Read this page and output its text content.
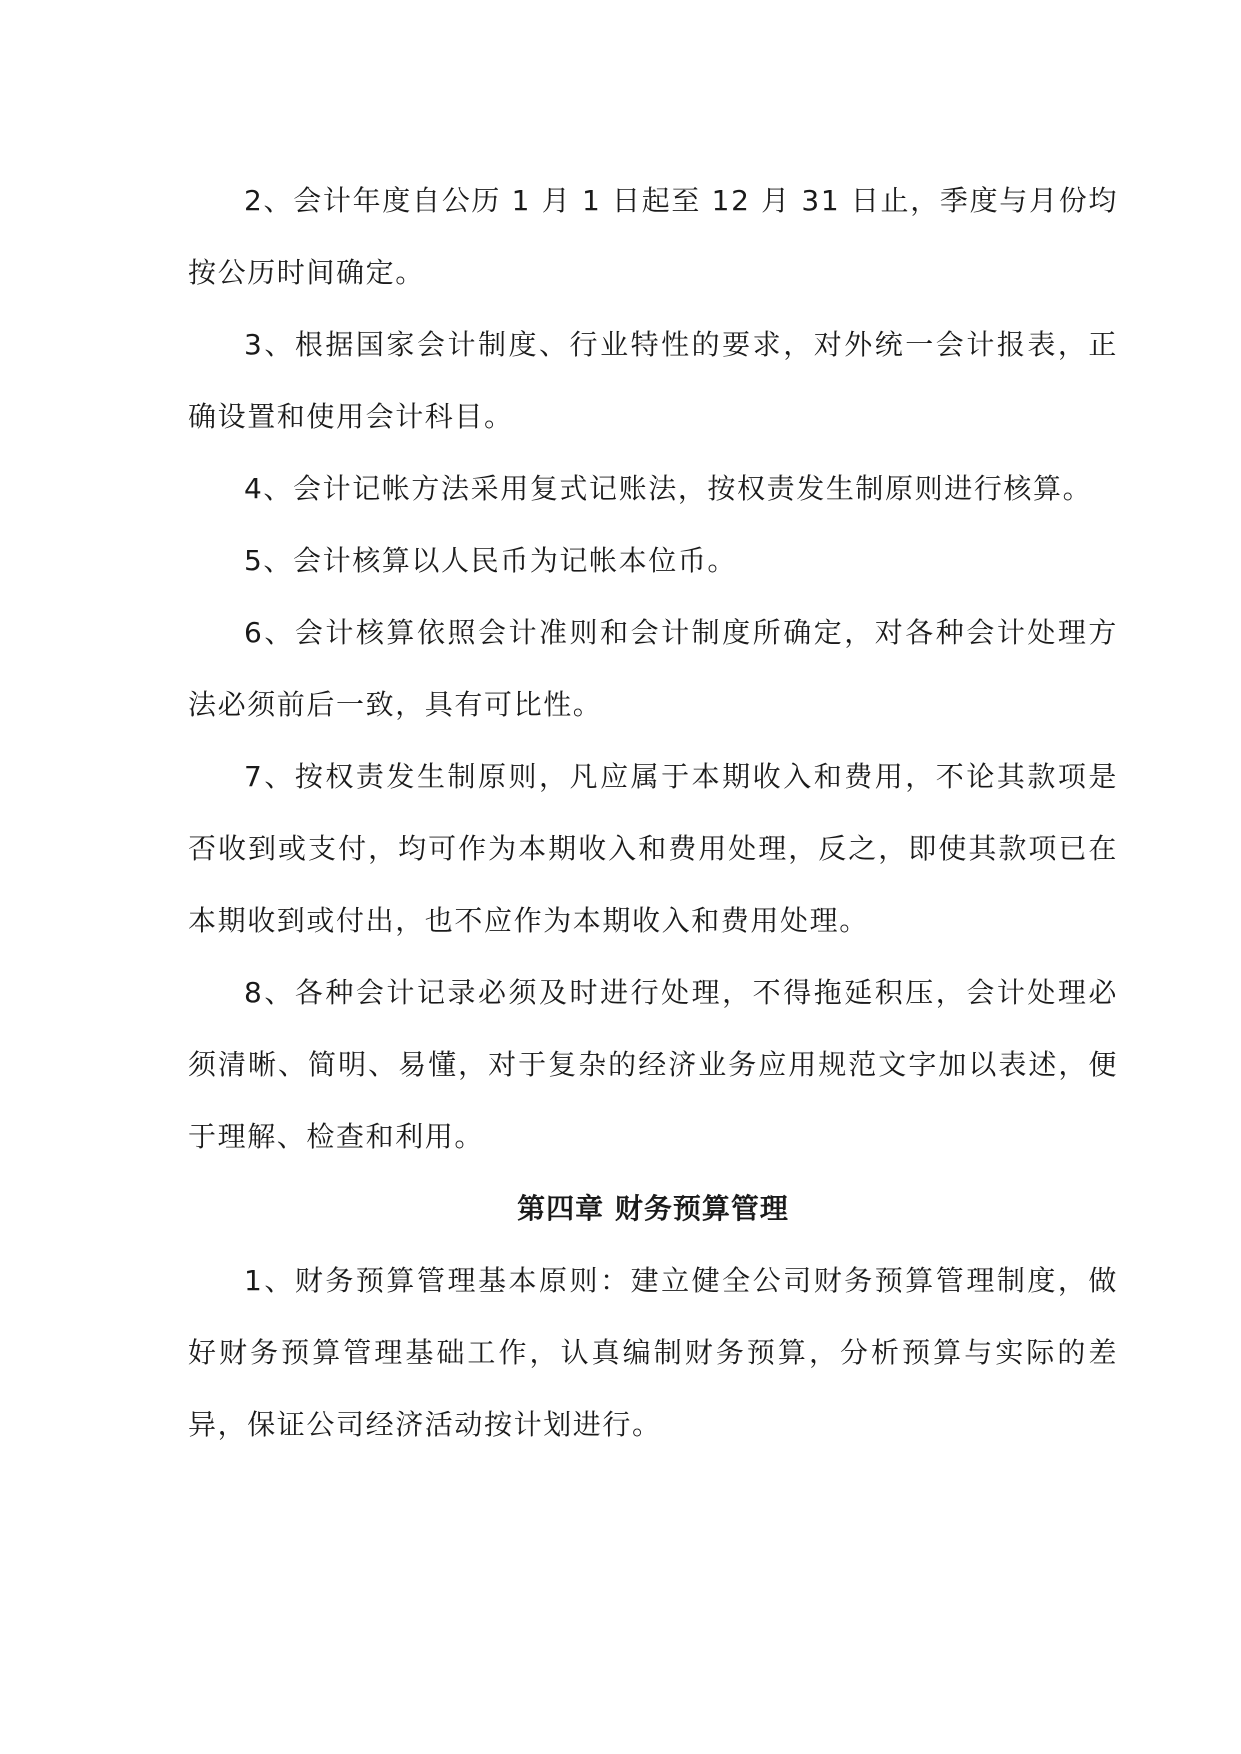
2、会计年度自公历 1 月 1 日起至 12 月 31 日止，季度与月份均按公历时间确定。

3、根据国家会计制度、行业特性的要求，对外统一会计报表，正确设置和使用会计科目。

4、会计记帐方法采用复式记账法，按权责发生制原则进行核算。

5、会计核算以人民币为记帐本位币。

6、会计核算依照会计准则和会计制度所确定，对各种会计处理方法必须前后一致，具有可比性。

7、按权责发生制原则，凡应属于本期收入和费用，不论其款项是否收到或支付，均可作为本期收入和费用处理，反之，即使其款项已在本期收到或付出，也不应作为本期收入和费用处理。

8、各种会计记录必须及时进行处理，不得拖延积压，会计处理必须清晰、简明、易懂，对于复杂的经济业务应用规范文字加以表述，便于理解、检查和利用。

第四章 财务预算管理

1、财务预算管理基本原则：建立健全公司财务预算管理制度，做好财务预算管理基础工作，认真编制财务预算，分析预算与实际的差异，保证公司经济活动按计划进行。
